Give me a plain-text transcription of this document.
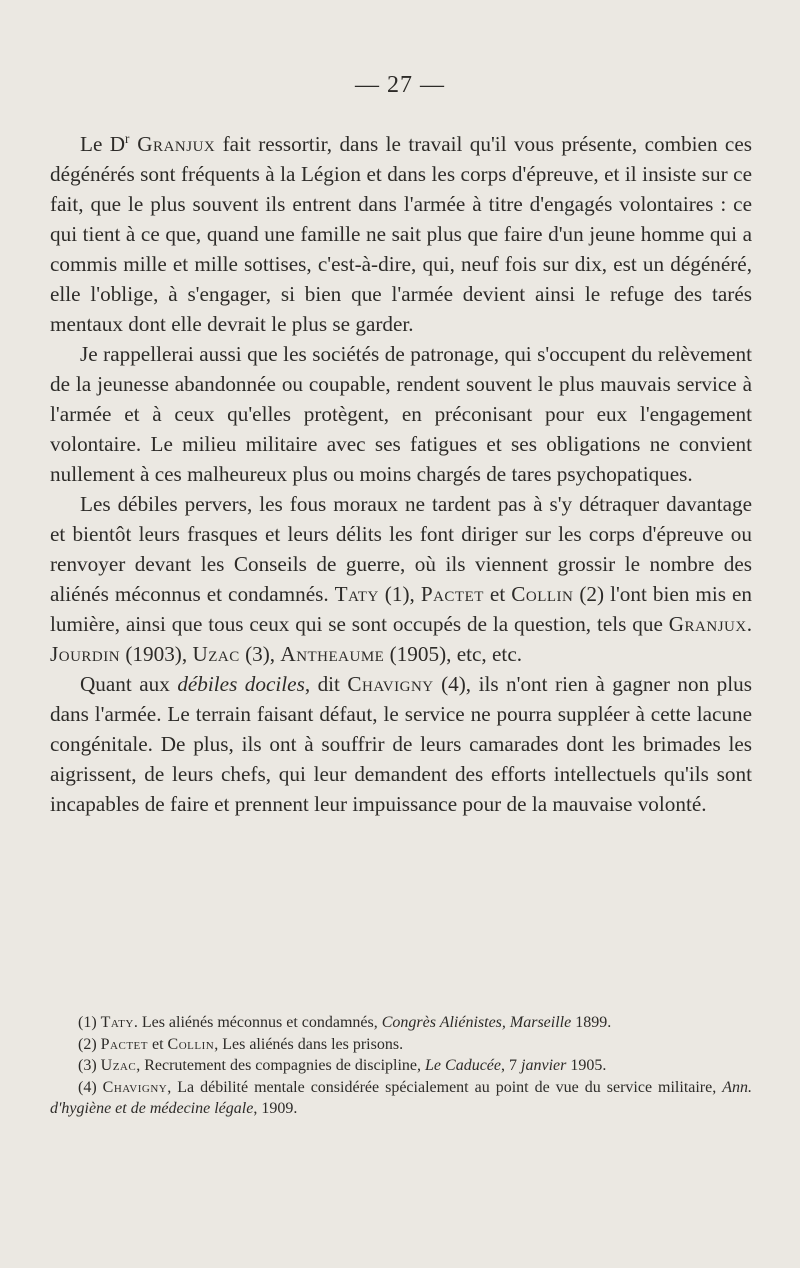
— 27 —

Le $D^r$ Granjux fait ressortir, dans le travail qu'il vous présente, combien ces dégénérés sont fréquents à la Légion et dans les corps d'épreuve, et il insiste sur ce fait, que le plus souvent ils entrent dans l'armée à titre d'engagés volontaires : ce qui tient à ce que, quand une famille ne sait plus que faire d'un jeune homme qui a commis mille et mille sottises, c'est-à-dire, qui, neuf fois sur dix, est un dégénéré, elle l'oblige, à s'engager, si bien que l'armée devient ainsi le refuge des tarés mentaux dont elle devrait le plus se garder.

Je rappellerai aussi que les sociétés de patronage, qui s'occupent du relèvement de la jeunesse abandonnée ou coupable, rendent souvent le plus mauvais service à l'armée et à ceux qu'elles protègent, en préconisant pour eux l'engagement volontaire. Le milieu militaire avec ses fatigues et ses obligations ne convient nullement à ces malheureux plus ou moins chargés de tares psychopatiques.

Les débiles pervers, les fous moraux ne tardent pas à s'y détraquer davantage et bientôt leurs frasques et leurs délits les font diriger sur les corps d'épreuve ou renvoyer devant les Conseils de guerre, où ils viennent grossir le nombre des aliénés méconnus et condamnés. Taty (1), Pactet et Collin (2) l'ont bien mis en lumière, ainsi que tous ceux qui se sont occupés de la question, tels que Granjux. Jourdin (1903), Uzac (3), Antheaume (1905), etc, etc.

Quant aux débiles dociles, dit Chavigny (4), ils n'ont rien à gagner non plus dans l'armée. Le terrain faisant défaut, le service ne pourra suppléer à cette lacune congénitale. De plus, ils ont à souffrir de leurs camarades dont les brimades les aigrissent, de leurs chefs, qui leur demandent des efforts intellectuels qu'ils sont incapables de faire et prennent leur impuissance pour de la mauvaise volonté.

(1) Taty. Les aliénés méconnus et condamnés, Congrès Aliénistes, Marseille 1899.

(2) Pactet et Collin, Les aliénés dans les prisons.

(3) Uzac, Recrutement des compagnies de discipline, Le Caducée, 7 janvier 1905.

(4) Chavigny, La débilité mentale considérée spécialement au point de vue du service militaire, Ann. d'hygiène et de médecine légale, 1909.
